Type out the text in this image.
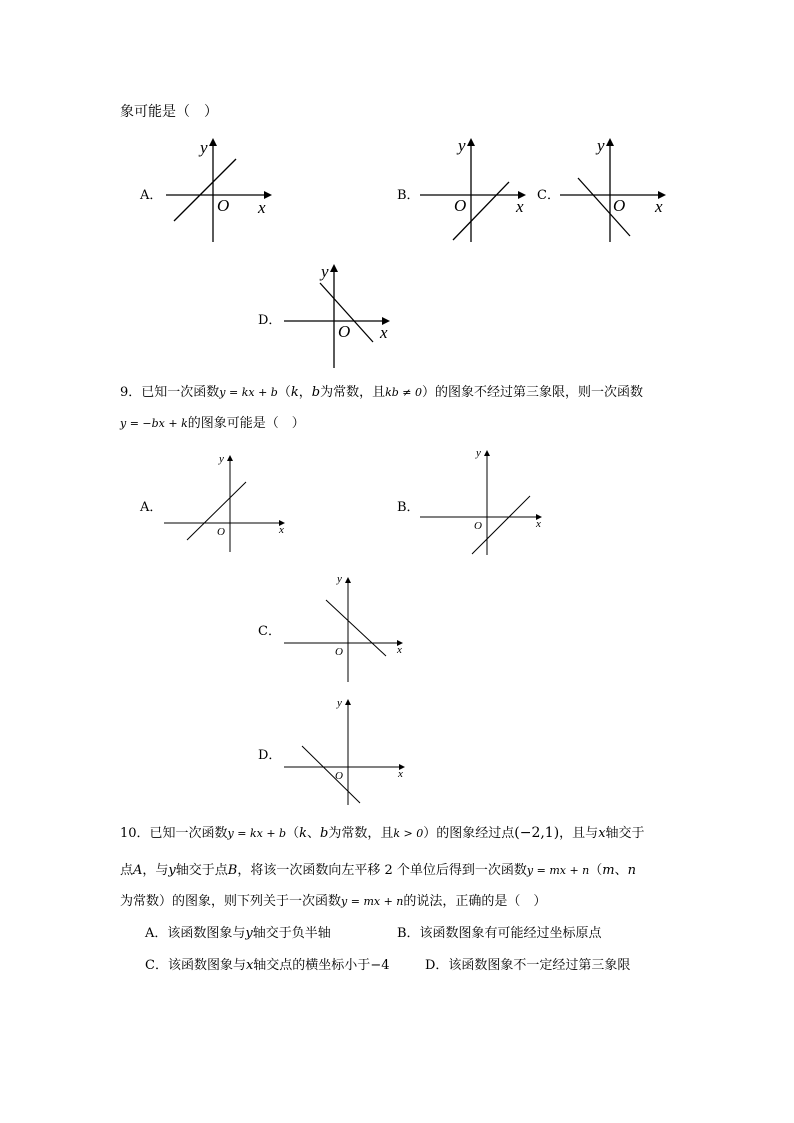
象可能是（　）
A．	B．	C．
D．
y
x
O
y
x
O
y
x
O
y
x
O
9．已知一次函数y = kx + b（k，b为常数，且kb ≠ 0）的图象不经过第三象限，则一次函数
y = −bx + k的图象可能是（　）
A．	B．
C．
D．
y
x
O
y
x
O
y
x
O
y
x
O
10．已知一次函数y = kx + b（k、b为常数，且k > 0）的图象经过点(−2,1)，且与x轴交于
点A，与y轴交于点B，将该一次函数向左平移 2 个单位后得到一次函数y = mx + n（m、n
为常数）的图象，则下列关于一次函数y = mx + n的说法，正确的是（　）
A．该函数图象与y轴交于负半轴	B．该函数图象有可能经过坐标原点
C．该函数图象与x轴交点的横坐标小于−4	D．该函数图象不一定经过第三象限
